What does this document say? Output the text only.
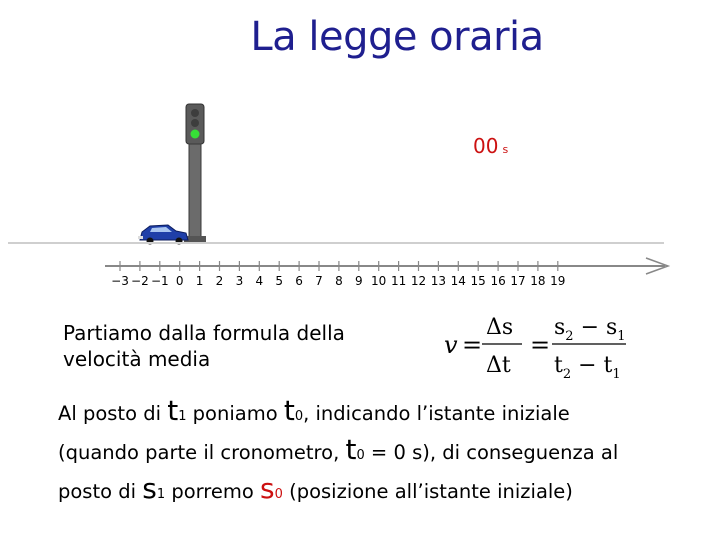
La legge oraria
00 s
−3 −2 −1 0 1 2 3 4 5 6 7 8 9 10 11 12 13 14 15 16 17 18 19
Partiamo dalla formula della
velocità media	v =
Δs
Δt
=
$s_2 - s_1$
$t_2 - t_1$
Al posto di t1 poniamo t0, indicando l’istante iniziale
(quando parte il cronometro, t0 = 0 s), di conseguenza al
posto di s1 porremo s0 (posizione all’istante iniziale)
